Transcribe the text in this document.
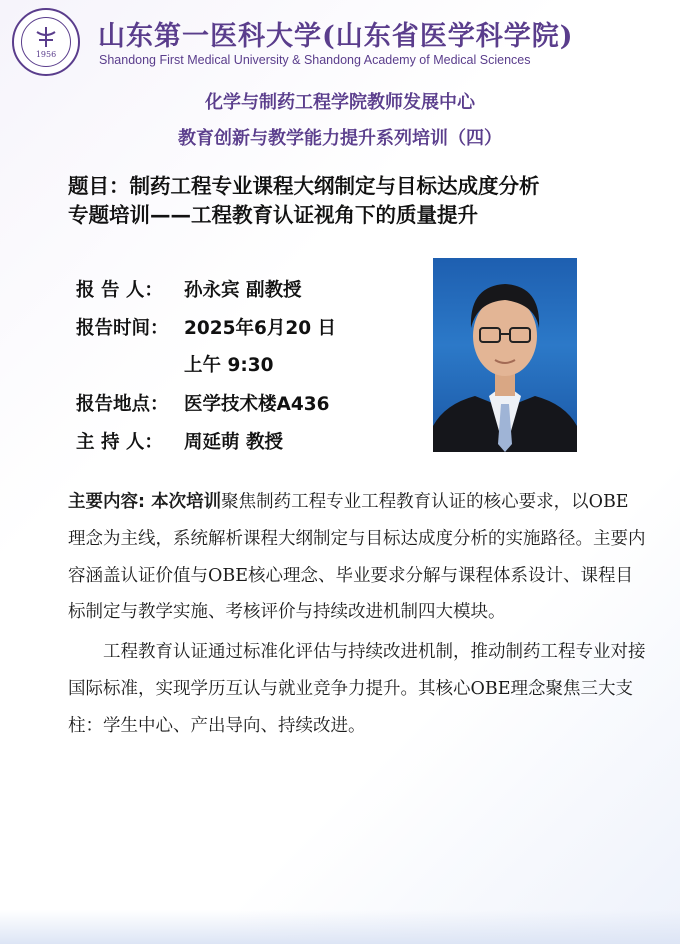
1956
山东第一医科大学(山东省医学科学院)
Shandong First Medical University & Shandong Academy of Medical Sciences
化学与制药工程学院教师发展中心
教育创新与教学能力提升系列培训（四）
题目：制药工程专业课程大纲制定与目标达成度分析
专题培训——工程教育认证视角下的质量提升
报 告 人： 孙永宾 副教授
报告时间： 2025年6月20 日
上午 9:30
报告地点： 医学技术楼A436
主 持 人： 周延萌 教授

主要内容: 本次培训聚焦制药工程专业工程教育认证的核心要求，以OBE理念为主线，系统解析课程大纲制定与目标达成度分析的实施路径。主要内容涵盖认证价值与OBE核心理念、毕业要求分解与课程体系设计、课程目标制定与教学实施、考核评价与持续改进机制四大模块。

工程教育认证通过标准化评估与持续改进机制，推动制药工程专业对接国际标准，实现学历互认与就业竞争力提升。其核心OBE理念聚焦三大支柱：学生中心、产出导向、持续改进。
